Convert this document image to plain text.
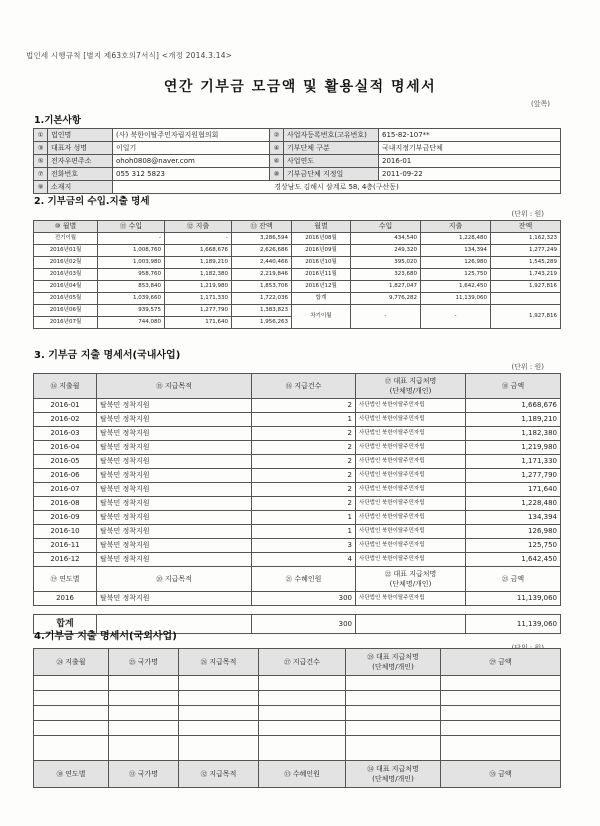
법인세 시행규칙 [별지 제63호의7서식] <개정 2014.3.14>
연간 기부금 모금액 및 활용실적 명세서
(앞쪽)
1.기본사항
①	법인명	(사) 북한이탈주민자립지원협의회	②	사업자등록번호(고유번호)	615-82-107**
③	대표자 성명	이일기	④	기부단체 구분	국내지정기부금단체
⑤	전자우편주소	ohoh0808@naver.com	⑥	사업연도	2016-01
⑦	전화번호	055 312 5823	⑧	기부금단체 지정일	2011-09-22
⑨	소재지	경상남도 김해시 삼계로 58, 4층(구산동)			
2. 기부금의 수입.지출 명세
(단위 : 원)
⑩ 월별	⑪ 수입	⑫ 지출	⑬ 잔액	월별	수입	지출	잔액
전기이월	-	-	3,286,594	2016년08월	434,540	1,228,480	1,162,323
2016년01월	1,008,760	1,668,676	2,626,686	2016년09월	249,320	134,394	1,277,249
2016년02월	1,003,980	1,189,210	2,440,466	2016년10월	395,020	126,980	1,545,289
2016년03월	958,760	1,182,380	2,219,846	2016년11월	323,680	125,750	1,743,219
2016년04월	853,840	1,219,980	1,853,706	2016년12월	1,827,047	1,642,450	1,927,816
2016년05월	1,039,660	1,171,330	1,722,036	합계	9,776,282	11,139,060	
2016년06월	939,575	1,277,790	1,383,823	차기이월	-	-	1,927,816
2016년07월	744,080	171,640	1,956,263				
3. 기부금 지출 명세서(국내사업)
(단위 : 원)
⑭ 지출월	⑮ 지급목적	⑯ 지급건수	⑰ 대표 지급처명
(단체명/개인)	⑱ 금액
2016-01	탈북민 정착지원	2	사단법인 북한이탈주민자립	1,668,676
2016-02	탈북민 정착지원	1	사단법인 북한이탈주민자립	1,189,210
2016-03	탈북민 정착지원	2	사단법인 북한이탈주민자립	1,182,380
2016-04	탈북민 정착지원	2	사단법인 북한이탈주민자립	1,219,980
2016-05	탈북민 정착지원	2	사단법인 북한이탈주민자립	1,171,330
2016-06	탈북민 정착지원	2	사단법인 북한이탈주민자립	1,277,790
2016-07	탈북민 정착지원	2	사단법인 북한이탈주민자립	171,640
2016-08	탈북민 정착지원	2	사단법인 북한이탈주민자립	1,228,480
2016-09	탈북민 정착지원	1	사단법인 북한이탈주민자립	134,394
2016-10	탈북민 정착지원	1	사단법인 북한이탈주민자립	126,980
2016-11	탈북민 정착지원	3	사단법인 북한이탈주민자립	125,750
2016-12	탈북민 정착지원	4	사단법인 북한이탈주민자립	1,642,450
⑲ 연도별	⑳ 지급목적	㉑ 수혜인원	㉒ 대표 지급처명
(단체명/개인)	㉓ 금액
2016	탈북민 정착지원	300	사단법인 북한이탈주민자립	11,139,060

합계		300		11,139,060
4.기부금 지출 명세서(국외사업)
㉔ 지출월	㉕ 국가명	㉖ 지급목적	㉗ 지급건수	㉘ 대표 지급처명
(단체명/개인)	㉙ 금액

㉚ 연도별	㉛ 국가명	㉜ 지급목적	㉝ 수혜인원	㉞ 대표 지급처명
(단체명/개인)	㉟ 금액
